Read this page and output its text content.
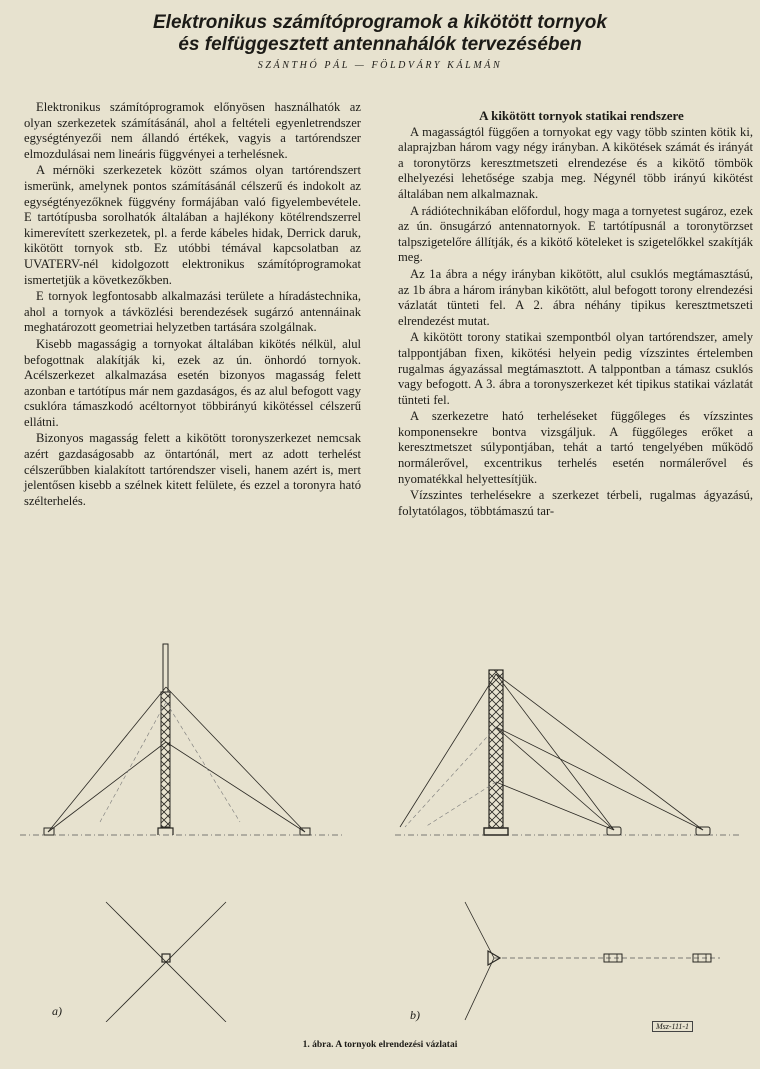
Elektronikus számítóprogramok a kikötött tornyok
és felfüggesztett antennahálók tervezésében
SZÁNTHÓ PÁL — FÖLDVÁRY KÁLMÁN

Elektronikus számítóprogramok előnyösen használhatók az olyan szerkezetek számításánál, ahol a feltételi egyenletrendszer egységtényezői nem állandó értékek, vagyis a tartórendszer elmozdulásai nem lineáris függvényei a terhelésnek.

A mérnöki szerkezetek között számos olyan tartórendszert ismerünk, amelynek pontos számításánál célszerű és indokolt az egységtényezőknek függvény formájában való figyelembevétele. E tartótípusba sorolhatók általában a hajlékony kötélrendszerrel kimerevített szerkezetek, pl. a ferde kábeles hidak, Derrick daruk, kikötött tornyok stb. Ez utóbbi témával kapcsolatban az UVATERV-nél kidolgozott elektronikus számítóprogramokat ismertetjük a következőkben.

E tornyok legfontosabb alkalmazási területe a híradástechnika, ahol a tornyok a távközlési berendezések sugárzó antennáinak meghatározott geometriai helyzetben tartására szolgálnak.

Kisebb magasságig a tornyokat általában kikötés nélkül, alul befogottnak alakítják ki, ezek az ún. önhordó tornyok. Acélszerkezet alkalmazása esetén bizonyos magasság felett azonban e tartótípus már nem gazdaságos, és az alul befogott vagy csuklóra támaszkodó acéltornyot többirányú kikötéssel célszerű ellátni.

Bizonyos magasság felett a kikötött toronyszerkezet nemcsak azért gazdaságosabb az öntartónál, mert az adott terhelést célszerűbben kialakított tartórendszer viseli, hanem azért is, mert jelentősen kisebb a szélnek kitett felülete, és ezzel a toronyra ható szélterhelés.

A kikötött tornyok statikai rendszere

A magasságtól függően a tornyokat egy vagy több szinten kötik ki, alaprajzban három vagy négy irányban. A kikötések számát és irányát a toronytörzs keresztmetszeti elrendezése és a kikötő tömbök elhelyezési lehetősége szabja meg. Négynél több irányú kikötést általában nem alkalmaznak.

A rádiótechnikában előfordul, hogy maga a tornyetest sugároz, ezek az ún. önsugárzó antennatornyok. E tartótípusnál a toronytörzset talpszigetelőre állítják, és a kikötő köteleket is szigetelőkkel szakítják meg.

Az 1a ábra a négy irányban kikötött, alul csuklós megtámasztású, az 1b ábra a három irányban kikötött, alul befogott torony elrendezési vázlatát tünteti fel. A 2. ábra néhány tipikus keresztmetszeti elrendezést mutat.

A kikötött torony statikai szempontból olyan tartórendszer, amely talppontjában fixen, kikötési helyein pedig vízszintes értelemben rugalmas ágyazással megtámasztott. A talppontban a támasz csuklós vagy befogott. A 3. ábra a toronyszerkezet két tipikus statikai vázlatát tünteti fel.

A szerkezetre ható terheléseket függőleges és vízszintes komponensekre bontva vizsgáljuk. A függőleges erőket a keresztmetszet súlypontjában, tehát a tartó tengelyében működő normálerővel, excentrikus terhelés esetén normálerővel és nyomatékkal helyettesítjük.

Vízszintes terhelésekre a szerkezet térbeli, rugalmas ágyazású, folytatólagos, többtámaszú tar-

a)	b)
Msz-111-1
1. ábra. A tornyok elrendezési vázlatai
